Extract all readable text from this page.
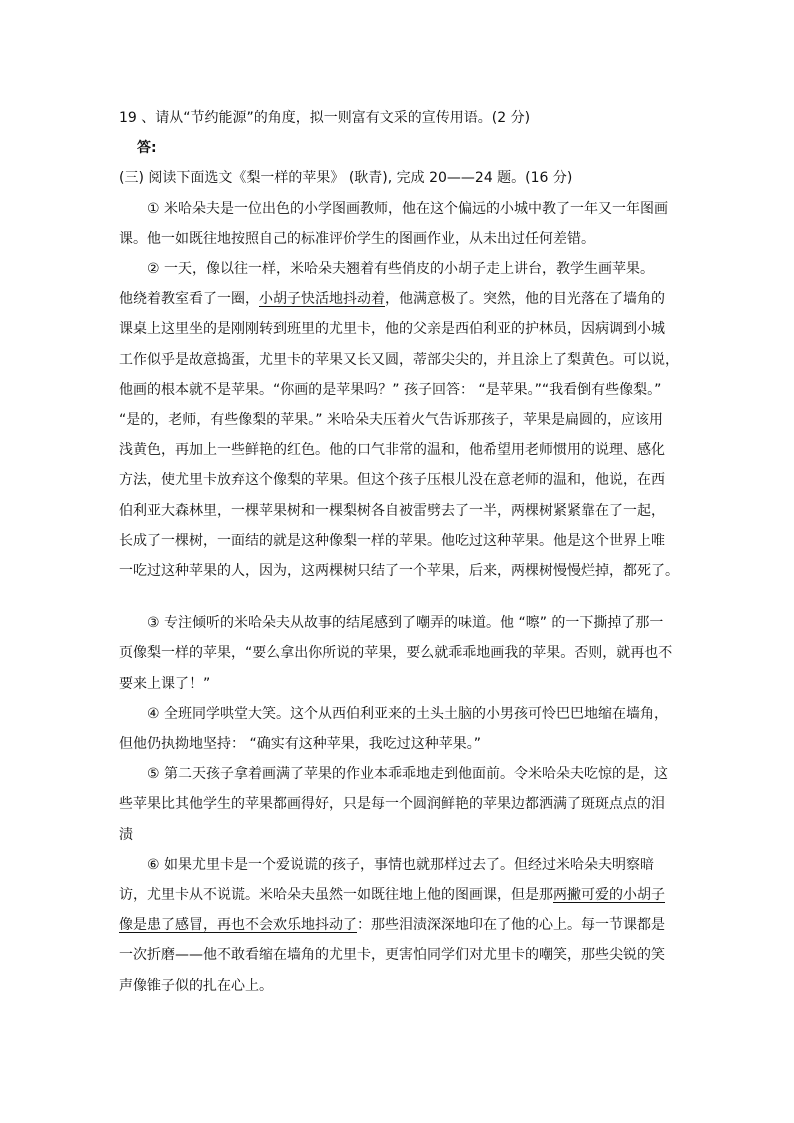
19 、请从“节约能源”的角度，拟一则富有文采的宣传用语。(2 分)

答:

(三) 阅读下面选文《梨一样的苹果》 (耿青), 完成 20——24 题。(16 分)

① 米哈朵夫是一位出色的小学图画教师，他在这个偏远的小城中教了一年又一年图画

课。他一如既往地按照自己的标准评价学生的图画作业，从未出过任何差错。

② 一天，像以往一样，米哈朵夫翘着有些俏皮的小胡子走上讲台，教学生画苹果。

他绕着教室看了一圈，小胡子快活地抖动着，他满意极了。突然，他的目光落在了墙角的

课桌上这里坐的是刚刚转到班里的尤里卡，他的父亲是西伯利亚的护林员，因病调到小城

工作似乎是故意捣蛋，尤里卡的苹果又长又圆，蒂部尖尖的，并且涂上了梨黄色。可以说，

他画的根本就不是苹果。“你画的是苹果吗？” 孩子回答： “是苹果。”“我看倒有些像梨。”

“是的，老师，有些像梨的苹果。” 米哈朵夫压着火气告诉那孩子，苹果是扁圆的，应该用

浅黄色，再加上一些鲜艳的红色。他的口气非常的温和，他希望用老师惯用的说理、感化

方法，使尤里卡放弃这个像梨的苹果。但这个孩子压根儿没在意老师的温和，他说，在西

伯利亚大森林里，一棵苹果树和一棵梨树各自被雷劈去了一半，两棵树紧紧靠在了一起，

长成了一棵树，一面结的就是这种像梨一样的苹果。他吃过这种苹果。他是这个世界上唯

一吃过这种苹果的人，因为，这两棵树只结了一个苹果，后来，两棵树慢慢烂掉，都死了。

③ 专注倾听的米哈朵夫从故事的结尾感到了嘲弄的味道。他 “嚓” 的一下撕掉了那一

页像梨一样的苹果，“要么拿出你所说的苹果，要么就乖乖地画我的苹果。否则，就再也不

要来上课了！”

④ 全班同学哄堂大笑。这个从西伯利亚来的土头土脑的小男孩可怜巴巴地缩在墙角，

但他仍执拗地坚持： “确实有这种苹果，我吃过这种苹果。”

⑤ 第二天孩子拿着画满了苹果的作业本乖乖地走到他面前。令米哈朵夫吃惊的是，这

些苹果比其他学生的苹果都画得好，只是每一个圆润鲜艳的苹果边都洒满了斑斑点点的泪

渍

⑥ 如果尤里卡是一个爱说谎的孩子，事情也就那样过去了。但经过米哈朵夫明察暗

访，尤里卡从不说谎。米哈朵夫虽然一如既往地上他的图画课，但是那两撇可爱的小胡子

像是患了感冒，再也不会欢乐地抖动了：那些泪渍深深地印在了他的心上。每一节课都是

一次折磨——他不敢看缩在墙角的尤里卡，更害怕同学们对尤里卡的嘲笑，那些尖锐的笑

声像锥子似的扎在心上。
